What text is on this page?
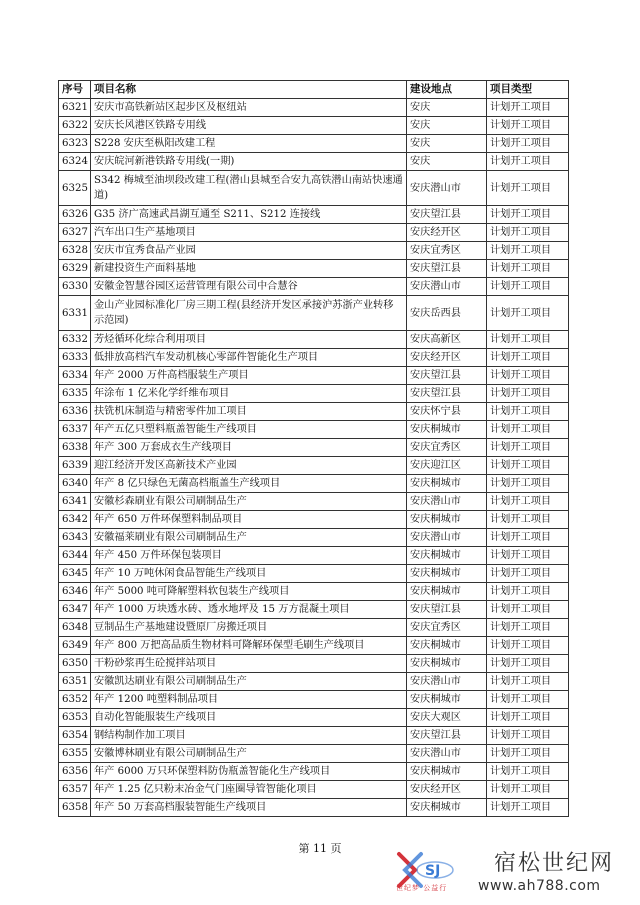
序号	项目名称	建设地点	项目类型
6321	安庆市高铁新站区起步区及枢纽站	安庆	计划开工项目
6322	安庆长风港区铁路专用线	安庆	计划开工项目
6323	S228 安庆至枞阳改建工程	安庆	计划开工项目
6324	安庆皖河新港铁路专用线(一期)	安庆	计划开工项目
6325	S342 梅城至油坝段改建工程(潜山县城至合安九高铁潜山南站快速通道)	安庆潜山市	计划开工项目
6326	G35 济广高速武昌湖互通至 S211、S212 连接线	安庆望江县	计划开工项目
6327	汽车出口生产基地项目	安庆经开区	计划开工项目
6328	安庆市宜秀食品产业园	安庆宜秀区	计划开工项目
6329	新建投资生产面料基地	安庆望江县	计划开工项目
6330	安徽金智慧谷园区运营管理有限公司中合慧谷	安庆潜山市	计划开工项目
6331	金山产业园标准化厂房三期工程(县经济开发区承接沪苏浙产业转移示范园)	安庆岳西县	计划开工项目
6332	芳烃循环化综合利用项目	安庆高新区	计划开工项目
6333	低排放高档汽车发动机核心零部件智能化生产项目	安庆经开区	计划开工项目
6334	年产 2000 万件高档服装生产项目	安庆望江县	计划开工项目
6335	年涂布 1 亿米化学纤维布项目	安庆望江县	计划开工项目
6336	扶铣机床制造与精密零件加工项目	安庆怀宁县	计划开工项目
6337	年产五亿只塑料瓶盖智能生产线项目	安庆桐城市	计划开工项目
6338	年产 300 万套成衣生产线项目	安庆宜秀区	计划开工项目
6339	迎江经济开发区高新技术产业园	安庆迎江区	计划开工项目
6340	年产 8 亿只绿色无菌高档瓶盖生产线项目	安庆桐城市	计划开工项目
6341	安徽杉森刷业有限公司刷制品生产	安庆潜山市	计划开工项目
6342	年产 650 万件环保塑料制品项目	安庆桐城市	计划开工项目
6343	安徽福莱刷业有限公司刷制品生产	安庆潜山市	计划开工项目
6344	年产 450 万件环保包装项目	安庆桐城市	计划开工项目
6345	年产 10 万吨休闲食品智能生产线项目	安庆桐城市	计划开工项目
6346	年产 5000 吨可降解塑料软包装生产线项目	安庆桐城市	计划开工项目
6347	年产 1000 万块透水砖、透水地坪及 15 万方混凝土项目	安庆望江县	计划开工项目
6348	豆制品生产基地建设暨原厂房搬迁项目	安庆宜秀区	计划开工项目
6349	年产 800 万把高品质生物材料可降解环保型毛刷生产线项目	安庆桐城市	计划开工项目
6350	干粉砂浆再生砼搅拌站项目	安庆桐城市	计划开工项目
6351	安徽凯达刷业有限公司刷制品生产	安庆潜山市	计划开工项目
6352	年产 1200 吨塑料制品项目	安庆桐城市	计划开工项目
6353	自动化智能服装生产线项目	安庆大观区	计划开工项目
6354	钢结构制作加工项目	安庆望江县	计划开工项目
6355	安徽博林刷业有限公司刷制品生产	安庆潜山市	计划开工项目
6356	年产 6000 万只环保塑料防伪瓶盖智能化生产线项目	安庆桐城市	计划开工项目
6357	年产 1.25 亿只粉末冶金气门座圈导管智能化项目	安庆经开区	计划开工项目
6358	年产 50 万套高档服装智能生产线项目	安庆桐城市	计划开工项目
第 11 页
SJ
世纪梦 公益行
宿松世纪网
www.ah788.com
